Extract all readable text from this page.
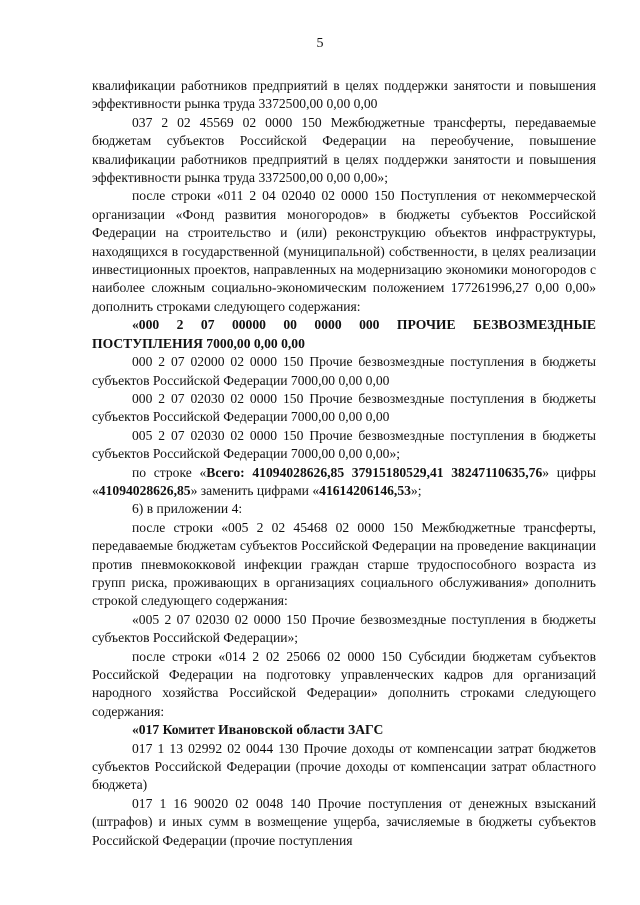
5

квалификации работников предприятий в целях поддержки занятости и повышения эффективности рынка труда 3372500,00 0,00 0,00

037 2 02 45569 02 0000 150 Межбюджетные трансферты, передаваемые бюджетам субъектов Российской Федерации на переобучение, повышение квалификации работников предприятий в целях поддержки занятости и повышения эффективности рынка труда 3372500,00 0,00 0,00»;

после строки «011 2 04 02040 02 0000 150 Поступления от некоммерческой организации «Фонд развития моногородов» в бюджеты субъектов Российской Федерации на строительство и (или) реконструкцию объектов инфраструктуры, находящихся в государственной (муниципальной) собственности, в целях реализации инвестиционных проектов, направленных на модернизацию экономики моногородов с наиболее сложным социально-экономическим положением 177261996,27 0,00 0,00» дополнить строками следующего содержания:

«000 2 07 00000 00 0000 000 ПРОЧИЕ БЕЗВОЗМЕЗДНЫЕ ПОСТУПЛЕНИЯ 7000,00 0,00 0,00

000 2 07 02000 02 0000 150 Прочие безвозмездные поступления в бюджеты субъектов Российской Федерации 7000,00 0,00 0,00

000 2 07 02030 02 0000 150 Прочие безвозмездные поступления в бюджеты субъектов Российской Федерации 7000,00 0,00 0,00

005 2 07 02030 02 0000 150 Прочие безвозмездные поступления в бюджеты субъектов Российской Федерации 7000,00 0,00 0,00»;

по строке «Всего: 41094028626,85 37915180529,41 38247110635,76» цифры «41094028626,85» заменить цифрами «41614206146,53»;

6) в приложении 4:

после строки «005 2 02 45468 02 0000 150 Межбюджетные трансферты, передаваемые бюджетам субъектов Российской Федерации на проведение вакцинации против пневмококковой инфекции граждан старше трудоспособного возраста из групп риска, проживающих в организациях социального обслуживания» дополнить строкой следующего содержания:

«005 2 07 02030 02 0000 150 Прочие безвозмездные поступления в бюджеты субъектов Российской Федерации»;

после строки «014 2 02 25066 02 0000 150 Субсидии бюджетам субъектов Российской Федерации на подготовку управленческих кадров для организаций народного хозяйства Российской Федерации» дополнить строками следующего содержания:

«017 Комитет Ивановской области ЗАГС

017 1 13 02992 02 0044 130 Прочие доходы от компенсации затрат бюджетов субъектов Российской Федерации (прочие доходы от компенсации затрат областного бюджета)

017 1 16 90020 02 0048 140 Прочие поступления от денежных взысканий (штрафов) и иных сумм в возмещение ущерба, зачисляемые в бюджеты субъектов Российской Федерации (прочие поступления
